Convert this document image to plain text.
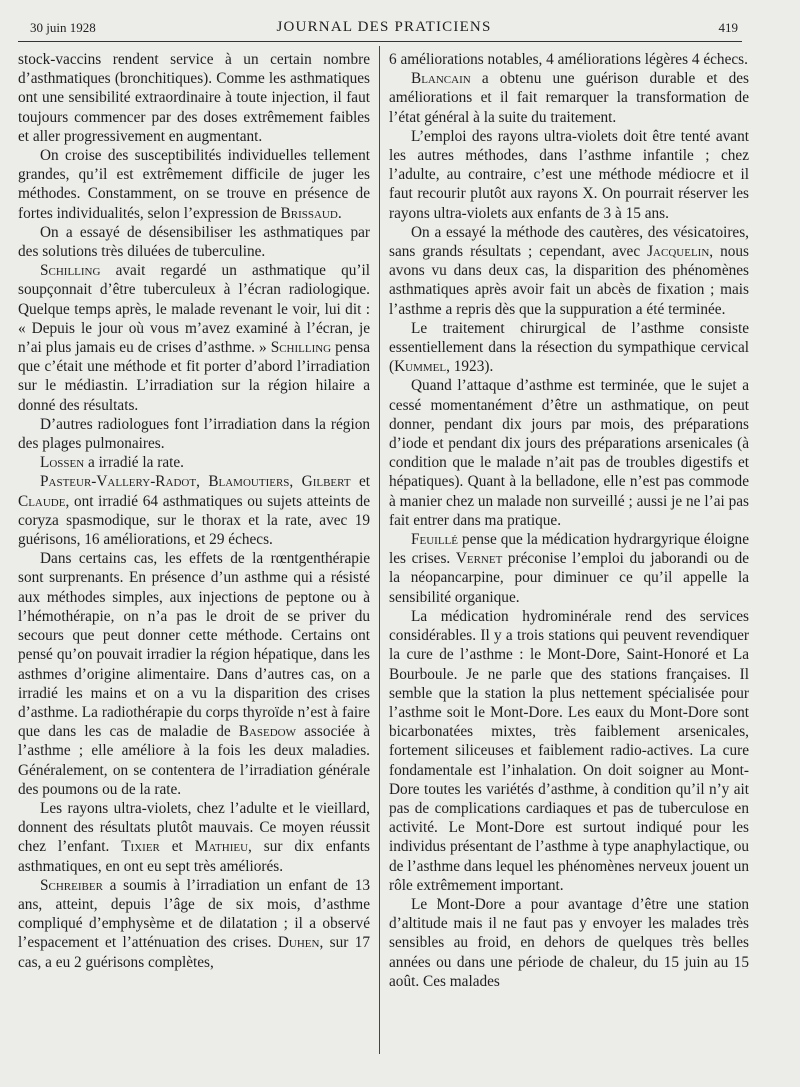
30 juin 1928	JOURNAL DES PRATICIENS	419

stock-vaccins rendent service à un certain nombre d’asthmatiques (bronchitiques). Comme les asthmatiques ont une sensibilité extraordinaire à toute injection, il faut toujours commencer par des doses extrêmement faibles et aller progressivement en augmentant.

On croise des susceptibilités individuelles tellement grandes, qu’il est extrêmement difficile de juger les méthodes. Constamment, on se trouve en présence de fortes individualités, selon l’expression de Brissaud.

On a essayé de désensibiliser les asthmatiques par des solutions très diluées de tuberculine.

Schilling avait regardé un asthmatique qu’il soupçonnait d’être tuberculeux à l’écran radiologique. Quelque temps après, le malade revenant le voir, lui dit : « Depuis le jour où vous m’avez examiné à l’écran, je n’ai plus jamais eu de crises d’asthme. » Schilling pensa que c’était une méthode et fit porter d’abord l’irradiation sur le médiastin. L’irradiation sur la région hilaire a donné des résultats.

D’autres radiologues font l’irradiation dans la région des plages pulmonaires.

Lossen a irradié la rate.

Pasteur-Vallery-Radot, Blamoutiers, Gilbert et Claude, ont irradié 64 asthmatiques ou sujets atteints de coryza spasmodique, sur le thorax et la rate, avec 19 guérisons, 16 améliorations, et 29 échecs.

Dans certains cas, les effets de la rœntgenthérapie sont surprenants. En présence d’un asthme qui a résisté aux méthodes simples, aux injections de peptone ou à l’hémothérapie, on n’a pas le droit de se priver du secours que peut donner cette méthode. Certains ont pensé qu’on pouvait irradier la région hépatique, dans les asthmes d’origine alimentaire. Dans d’autres cas, on a irradié les mains et on a vu la disparition des crises d’asthme. La radiothérapie du corps thyroïde n’est à faire que dans les cas de maladie de Basedow associée à l’asthme ; elle améliore à la fois les deux maladies. Généralement, on se contentera de l’irradiation générale des poumons ou de la rate.

Les rayons ultra-violets, chez l’adulte et le vieillard, donnent des résultats plutôt mauvais. Ce moyen réussit chez l’enfant. Tixier et Mathieu, sur dix enfants asthmatiques, en ont eu sept très améliorés.

Schreiber a soumis à l’irradiation un enfant de 13 ans, atteint, depuis l’âge de six mois, d’asthme compliqué d’emphysème et de dilatation ; il a observé l’espacement et l’atténuation des crises. Duhen, sur 17 cas, a eu 2 guérisons complètes,

6 améliorations notables, 4 améliorations légères 4 échecs.

Blancain a obtenu une guérison durable et des améliorations et il fait remarquer la transformation de l’état général à la suite du traitement.

L’emploi des rayons ultra-violets doit être tenté avant les autres méthodes, dans l’asthme infantile ; chez l’adulte, au contraire, c’est une méthode médiocre et il faut recourir plutôt aux rayons X. On pourrait réserver les rayons ultra-violets aux enfants de 3 à 15 ans.

On a essayé la méthode des cautères, des vésicatoires, sans grands résultats ; cependant, avec Jacquelin, nous avons vu dans deux cas, la disparition des phénomènes asthmatiques après avoir fait un abcès de fixation ; mais l’asthme a repris dès que la suppuration a été terminée.

Le traitement chirurgical de l’asthme consiste essentiellement dans la résection du sympathique cervical (Kummel, 1923).

Quand l’attaque d’asthme est terminée, que le sujet a cessé momentanément d’être un asthmatique, on peut donner, pendant dix jours par mois, des préparations d’iode et pendant dix jours des préparations arsenicales (à condition que le malade n’ait pas de troubles digestifs et hépatiques). Quant à la belladone, elle n’est pas commode à manier chez un malade non surveillé ; aussi je ne l’ai pas fait entrer dans ma pratique.

Feuillé pense que la médication hydrargyrique éloigne les crises. Vernet préconise l’emploi du jaborandi ou de la néopancarpine, pour diminuer ce qu’il appelle la sensibilité organique.

La médication hydrominérale rend des services considérables. Il y a trois stations qui peuvent revendiquer la cure de l’asthme : le Mont-Dore, Saint-Honoré et La Bourboule. Je ne parle que des stations françaises. Il semble que la station la plus nettement spécialisée pour l’asthme soit le Mont-Dore. Les eaux du Mont-Dore sont bicarbonatées mixtes, très faiblement arsenicales, fortement siliceuses et faiblement radio-actives. La cure fondamentale est l’inhalation. On doit soigner au Mont-Dore toutes les variétés d’asthme, à condition qu’il n’y ait pas de complications cardiaques et pas de tuberculose en activité. Le Mont-Dore est surtout indiqué pour les individus présentant de l’asthme à type anaphylactique, ou de l’asthme dans lequel les phénomènes nerveux jouent un rôle extrêmement important.

Le Mont-Dore a pour avantage d’être une station d’altitude mais il ne faut pas y envoyer les malades très sensibles au froid, en dehors de quelques très belles années ou dans une période de chaleur, du 15 juin au 15 août. Ces malades
